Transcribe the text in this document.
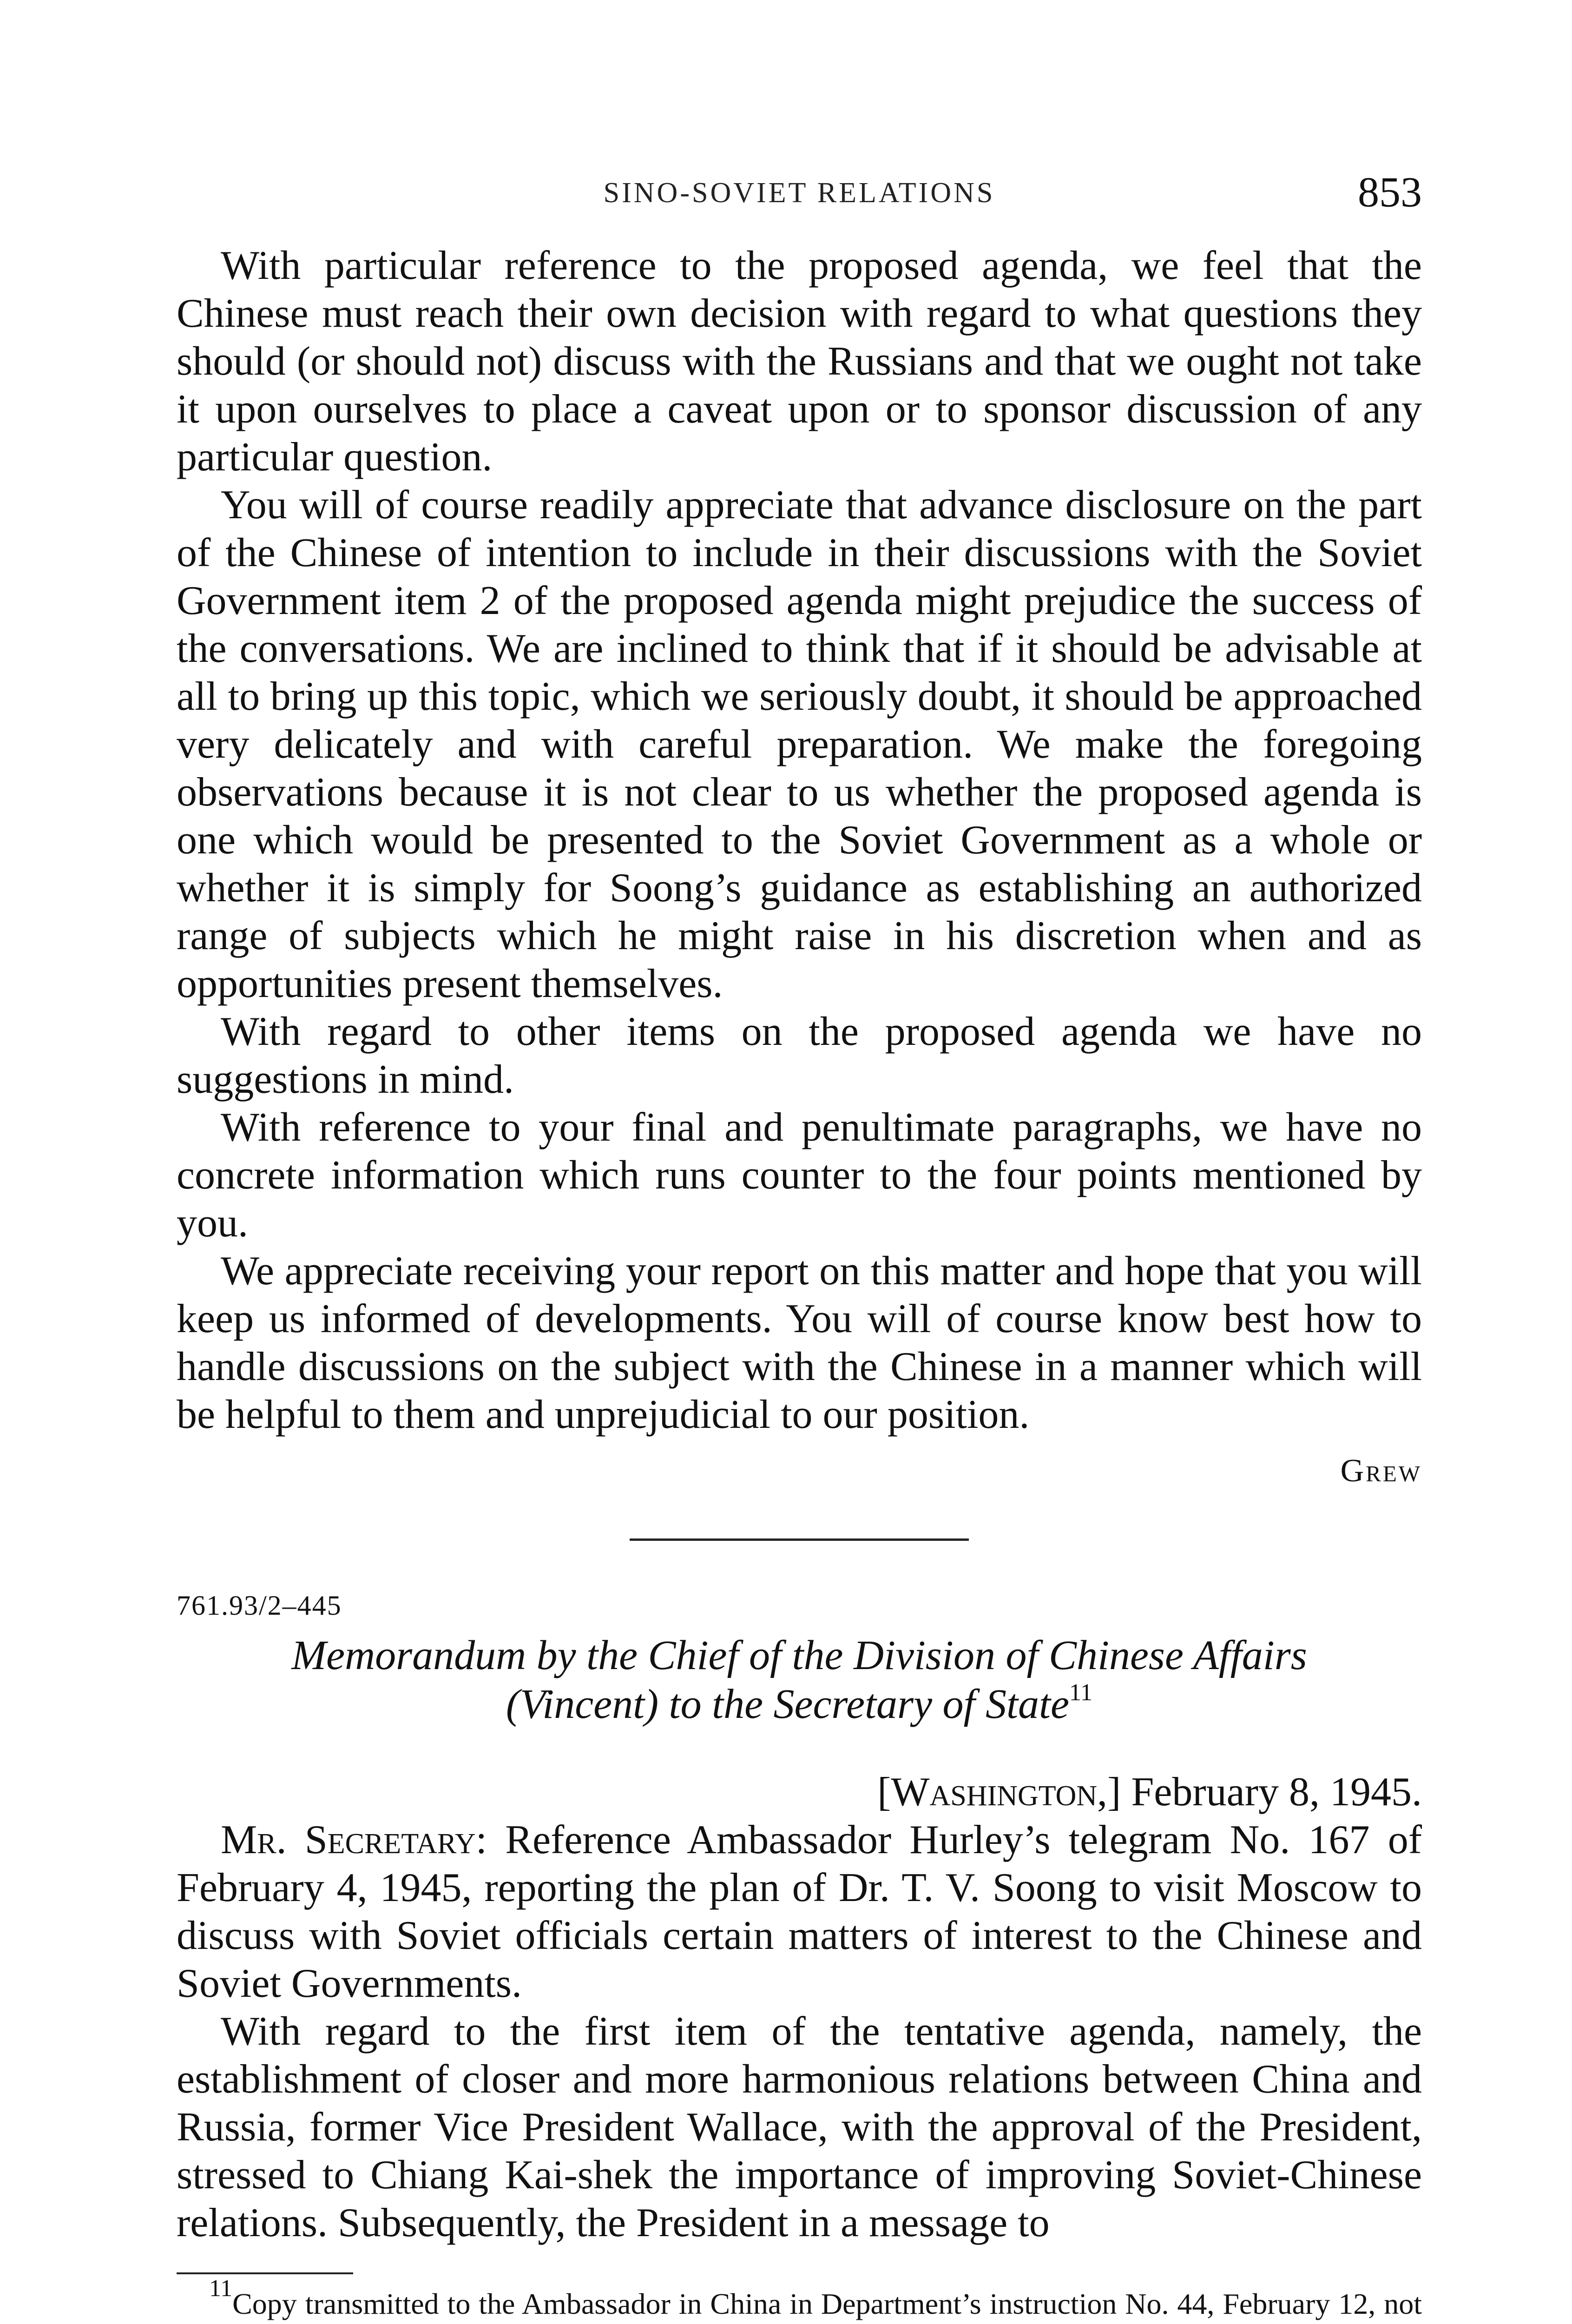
SINO-SOVIET RELATIONS	853

With particular reference to the proposed agenda, we feel that the Chinese must reach their own decision with regard to what questions they should (or should not) discuss with the Russians and that we ought not take it upon ourselves to place a caveat upon or to sponsor discussion of any particular question.

You will of course readily appreciate that advance disclosure on the part of the Chinese of intention to include in their discussions with the Soviet Government item 2 of the proposed agenda might prejudice the success of the conversations. We are inclined to think that if it should be advisable at all to bring up this topic, which we seriously doubt, it should be approached very delicately and with careful preparation. We make the foregoing observations because it is not clear to us whether the proposed agenda is one which would be presented to the Soviet Government as a whole or whether it is simply for Soong’s guidance as establishing an authorized range of subjects which he might raise in his discretion when and as opportunities present themselves.

With regard to other items on the proposed agenda we have no suggestions in mind.

With reference to your final and penultimate paragraphs, we have no concrete information which runs counter to the four points mentioned by you.

We appreciate receiving your report on this matter and hope that you will keep us informed of developments. You will of course know best how to handle discussions on the subject with the Chinese in a manner which will be helpful to them and unprejudicial to our position.

Grew
761.93/2–445
Memorandum by the Chief of the Division of Chinese Affairs
(Vincent) to the Secretary of State$^{11}$
[Washington,] February 8, 1945.

Mr. Secretary: Reference Ambassador Hurley’s telegram No. 167 of February 4, 1945, reporting the plan of Dr. T. V. Soong to visit Moscow to discuss with Soviet officials certain matters of interest to the Chinese and Soviet Governments.

With regard to the first item of the tentative agenda, namely, the establishment of closer and more harmonious relations between China and Russia, former Vice President Wallace, with the approval of the President, stressed to Chiang Kai-shek the importance of improving Soviet-Chinese relations. Subsequently, the President in a message to

$^{11}$Copy transmitted to the Ambassador in China in Department’s instruction No. 44, February 12, not
